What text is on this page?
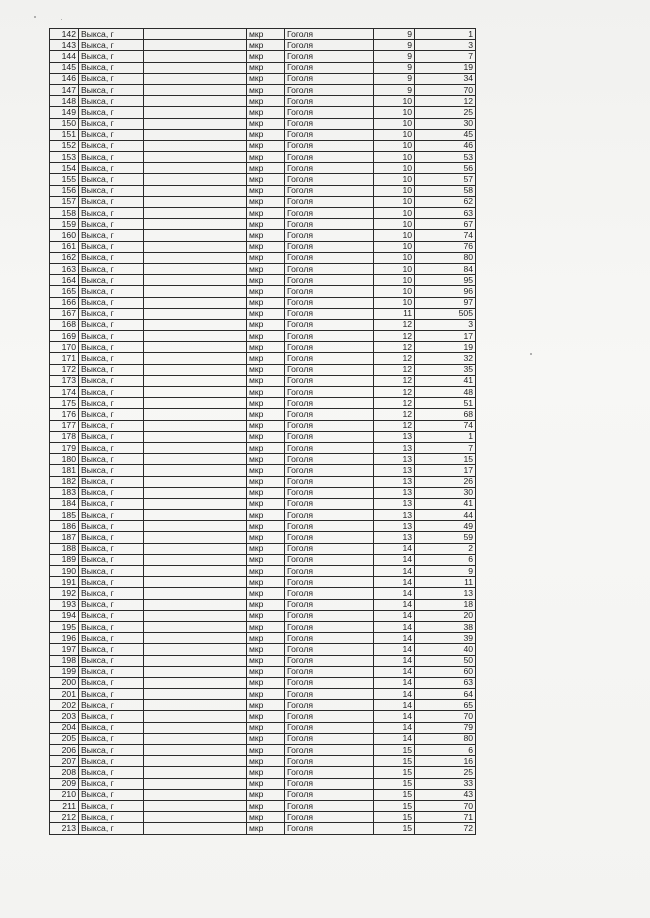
142	Выкса, г		мкр	Гоголя	9	1
143	Выкса, г		мкр	Гоголя	9	3
144	Выкса, г		мкр	Гоголя	9	7
145	Выкса, г		мкр	Гоголя	9	19
146	Выкса, г		мкр	Гоголя	9	34
147	Выкса, г		мкр	Гоголя	9	70
148	Выкса, г		мкр	Гоголя	10	12
149	Выкса, г		мкр	Гоголя	10	25
150	Выкса, г		мкр	Гоголя	10	30
151	Выкса, г		мкр	Гоголя	10	45
152	Выкса, г		мкр	Гоголя	10	46
153	Выкса, г		мкр	Гоголя	10	53
154	Выкса, г		мкр	Гоголя	10	56
155	Выкса, г		мкр	Гоголя	10	57
156	Выкса, г		мкр	Гоголя	10	58
157	Выкса, г		мкр	Гоголя	10	62
158	Выкса, г		мкр	Гоголя	10	63
159	Выкса, г		мкр	Гоголя	10	67
160	Выкса, г		мкр	Гоголя	10	74
161	Выкса, г		мкр	Гоголя	10	76
162	Выкса, г		мкр	Гоголя	10	80
163	Выкса, г		мкр	Гоголя	10	84
164	Выкса, г		мкр	Гоголя	10	95
165	Выкса, г		мкр	Гоголя	10	96
166	Выкса, г		мкр	Гоголя	10	97
167	Выкса, г		мкр	Гоголя	11	505
168	Выкса, г		мкр	Гоголя	12	3
169	Выкса, г		мкр	Гоголя	12	17
170	Выкса, г		мкр	Гоголя	12	19
171	Выкса, г		мкр	Гоголя	12	32
172	Выкса, г		мкр	Гоголя	12	35
173	Выкса, г		мкр	Гоголя	12	41
174	Выкса, г		мкр	Гоголя	12	48
175	Выкса, г		мкр	Гоголя	12	51
176	Выкса, г		мкр	Гоголя	12	68
177	Выкса, г		мкр	Гоголя	12	74
178	Выкса, г		мкр	Гоголя	13	1
179	Выкса, г		мкр	Гоголя	13	7
180	Выкса, г		мкр	Гоголя	13	15
181	Выкса, г		мкр	Гоголя	13	17
182	Выкса, г		мкр	Гоголя	13	26
183	Выкса, г		мкр	Гоголя	13	30
184	Выкса, г		мкр	Гоголя	13	41
185	Выкса, г		мкр	Гоголя	13	44
186	Выкса, г		мкр	Гоголя	13	49
187	Выкса, г		мкр	Гоголя	13	59
188	Выкса, г		мкр	Гоголя	14	2
189	Выкса, г		мкр	Гоголя	14	6
190	Выкса, г		мкр	Гоголя	14	9
191	Выкса, г		мкр	Гоголя	14	11
192	Выкса, г		мкр	Гоголя	14	13
193	Выкса, г		мкр	Гоголя	14	18
194	Выкса, г		мкр	Гоголя	14	20
195	Выкса, г		мкр	Гоголя	14	38
196	Выкса, г		мкр	Гоголя	14	39
197	Выкса, г		мкр	Гоголя	14	40
198	Выкса, г		мкр	Гоголя	14	50
199	Выкса, г		мкр	Гоголя	14	60
200	Выкса, г		мкр	Гоголя	14	63
201	Выкса, г		мкр	Гоголя	14	64
202	Выкса, г		мкр	Гоголя	14	65
203	Выкса, г		мкр	Гоголя	14	70
204	Выкса, г		мкр	Гоголя	14	79
205	Выкса, г		мкр	Гоголя	14	80
206	Выкса, г		мкр	Гоголя	15	6
207	Выкса, г		мкр	Гоголя	15	16
208	Выкса, г		мкр	Гоголя	15	25
209	Выкса, г		мкр	Гоголя	15	33
210	Выкса, г		мкр	Гоголя	15	43
211	Выкса, г		мкр	Гоголя	15	70
212	Выкса, г		мкр	Гоголя	15	71
213	Выкса, г		мкр	Гоголя	15	72
